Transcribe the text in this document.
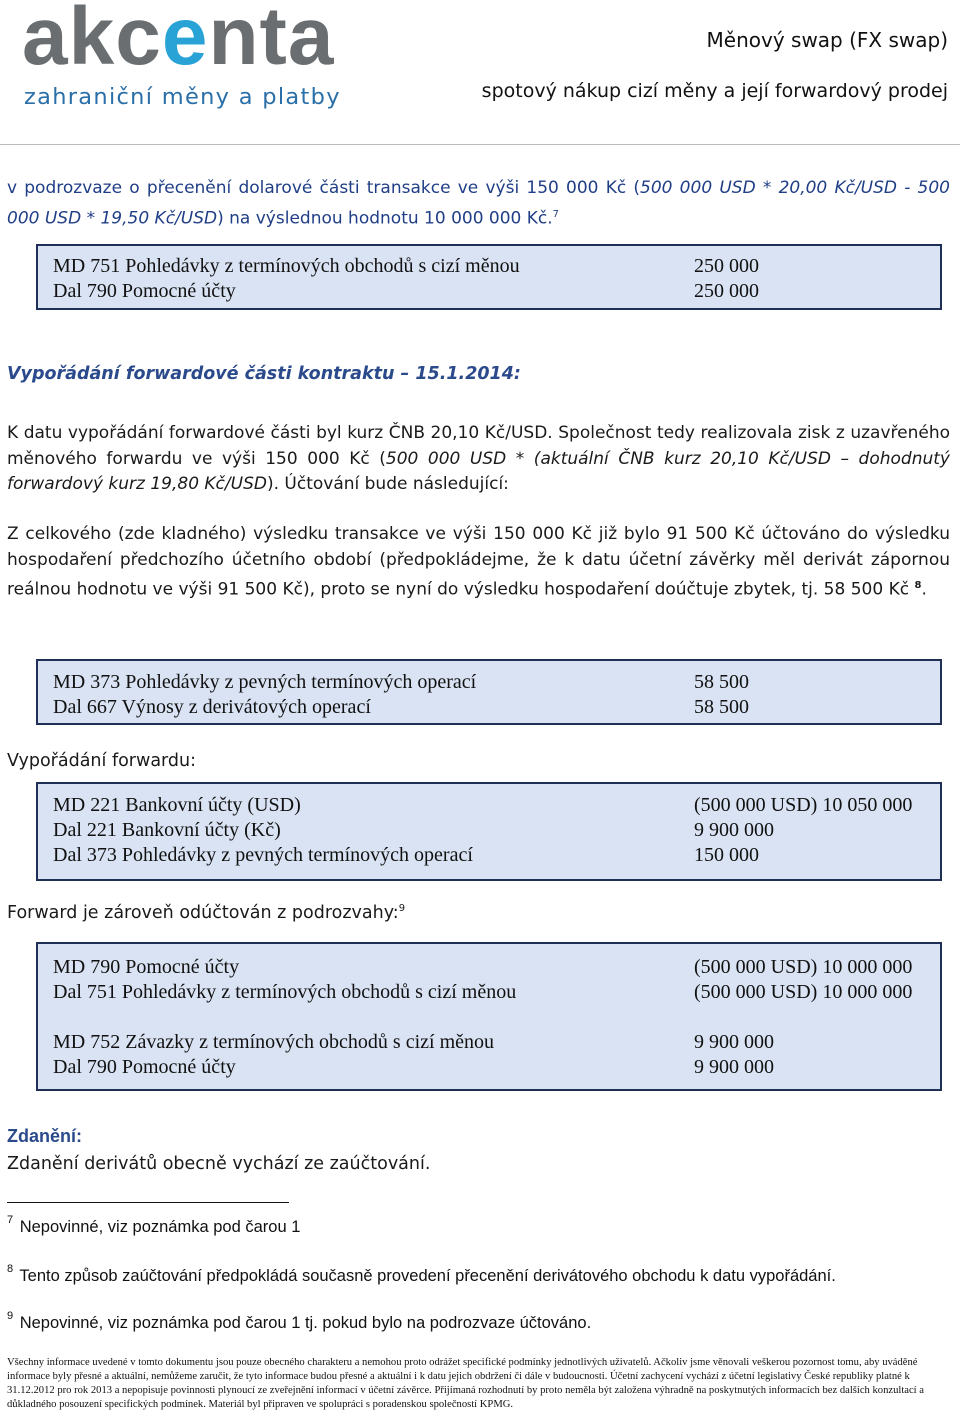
akcenta
zahraniční měny a platby
Měnový swap (FX swap)
spotový nákup cizí měny a její forwardový prodej
v podrozvaze o přecenění dolarové části transakce ve výši 150 000 Kč (500 000 USD * 20,00 Kč/USD - 500 000 USD * 19,50 Kč/USD) na výslednou hodnotu 10 000 000 Kč.$^7$
MD 751 Pohledávky z termínových obchodů s cizí měnou	250 000
Dal 790 Pomocné účty	250 000
Vypořádání forwardové části kontraktu – 15.1.2014:
K datu vypořádání forwardové části byl kurz ČNB 20,10 Kč/USD. Společnost tedy realizovala zisk z uzavřeného měnového forwardu ve výši 150 000 Kč (500 000 USD * (aktuální ČNB kurz 20,10 Kč/USD – dohodnutý forwardový kurz 19,80 Kč/USD). Účtování bude následující:
Z celkového (zde kladného) výsledku transakce ve výši 150 000 Kč již bylo 91 500 Kč účtováno do výsledku hospodaření předchozího účetního období (předpokládejme, že k datu účetní závěrky měl derivát zápornou reálnou hodnotu ve výši 91 500 Kč), proto se nyní do výsledku hospodaření doúčtuje zbytek, tj. 58 500 Kč $^8$.
MD 373 Pohledávky z pevných termínových operací	58 500
Dal 667 Výnosy z derivátových operací	58 500
Vypořádání forwardu:
MD 221 Bankovní účty (USD)	(500 000 USD) 10 050 000
Dal 221 Bankovní účty (Kč)	9 900 000
Dal 373 Pohledávky z pevných termínových operací	150 000
Forward je zároveň odúčtován z podrozvahy:$^9$
MD 790 Pomocné účty	(500 000 USD) 10 000 000
Dal 751 Pohledávky z termínových obchodů s cizí měnou	(500 000 USD) 10 000 000
MD 752 Závazky z termínových obchodů s cizí měnou	9 900 000
Dal 790 Pomocné účty	9 900 000
Zdanění:
Zdanění derivátů obecně vychází ze zaúčtování.
$^7$ Nepovinné, viz poznámka pod čarou 1
$^8$ Tento způsob zaúčtování předpokládá současně provedení přecenění derivátového obchodu k datu vypořádání.
$^9$ Nepovinné, viz poznámka pod čarou 1 tj. pokud bylo na podrozvaze účtováno.
Všechny informace uvedené v tomto dokumentu jsou pouze obecného charakteru a nemohou proto odrážet specifické podmínky jednotlivých uživatelů. Ačkoliv jsme věnovali veškerou pozornost tomu, aby uváděné informace byly přesné a aktuální, nemůžeme zaručit, že tyto informace budou přesné a aktuální i k datu jejich obdržení či dále v budoucnosti. Účetní zachycení vychází z účetní legislativy České republiky platné k 31.12.2012 pro rok 2013 a nepopisuje povinnosti plynoucí ze zveřejnění informací v účetní závěrce. Přijímaná rozhodnutí by proto neměla být založena výhradně na poskytnutých informacích bez dalších konzultací a důkladného posouzení specifických podmínek. Materiál byl připraven ve spolupráci s poradenskou společností KPMG.
